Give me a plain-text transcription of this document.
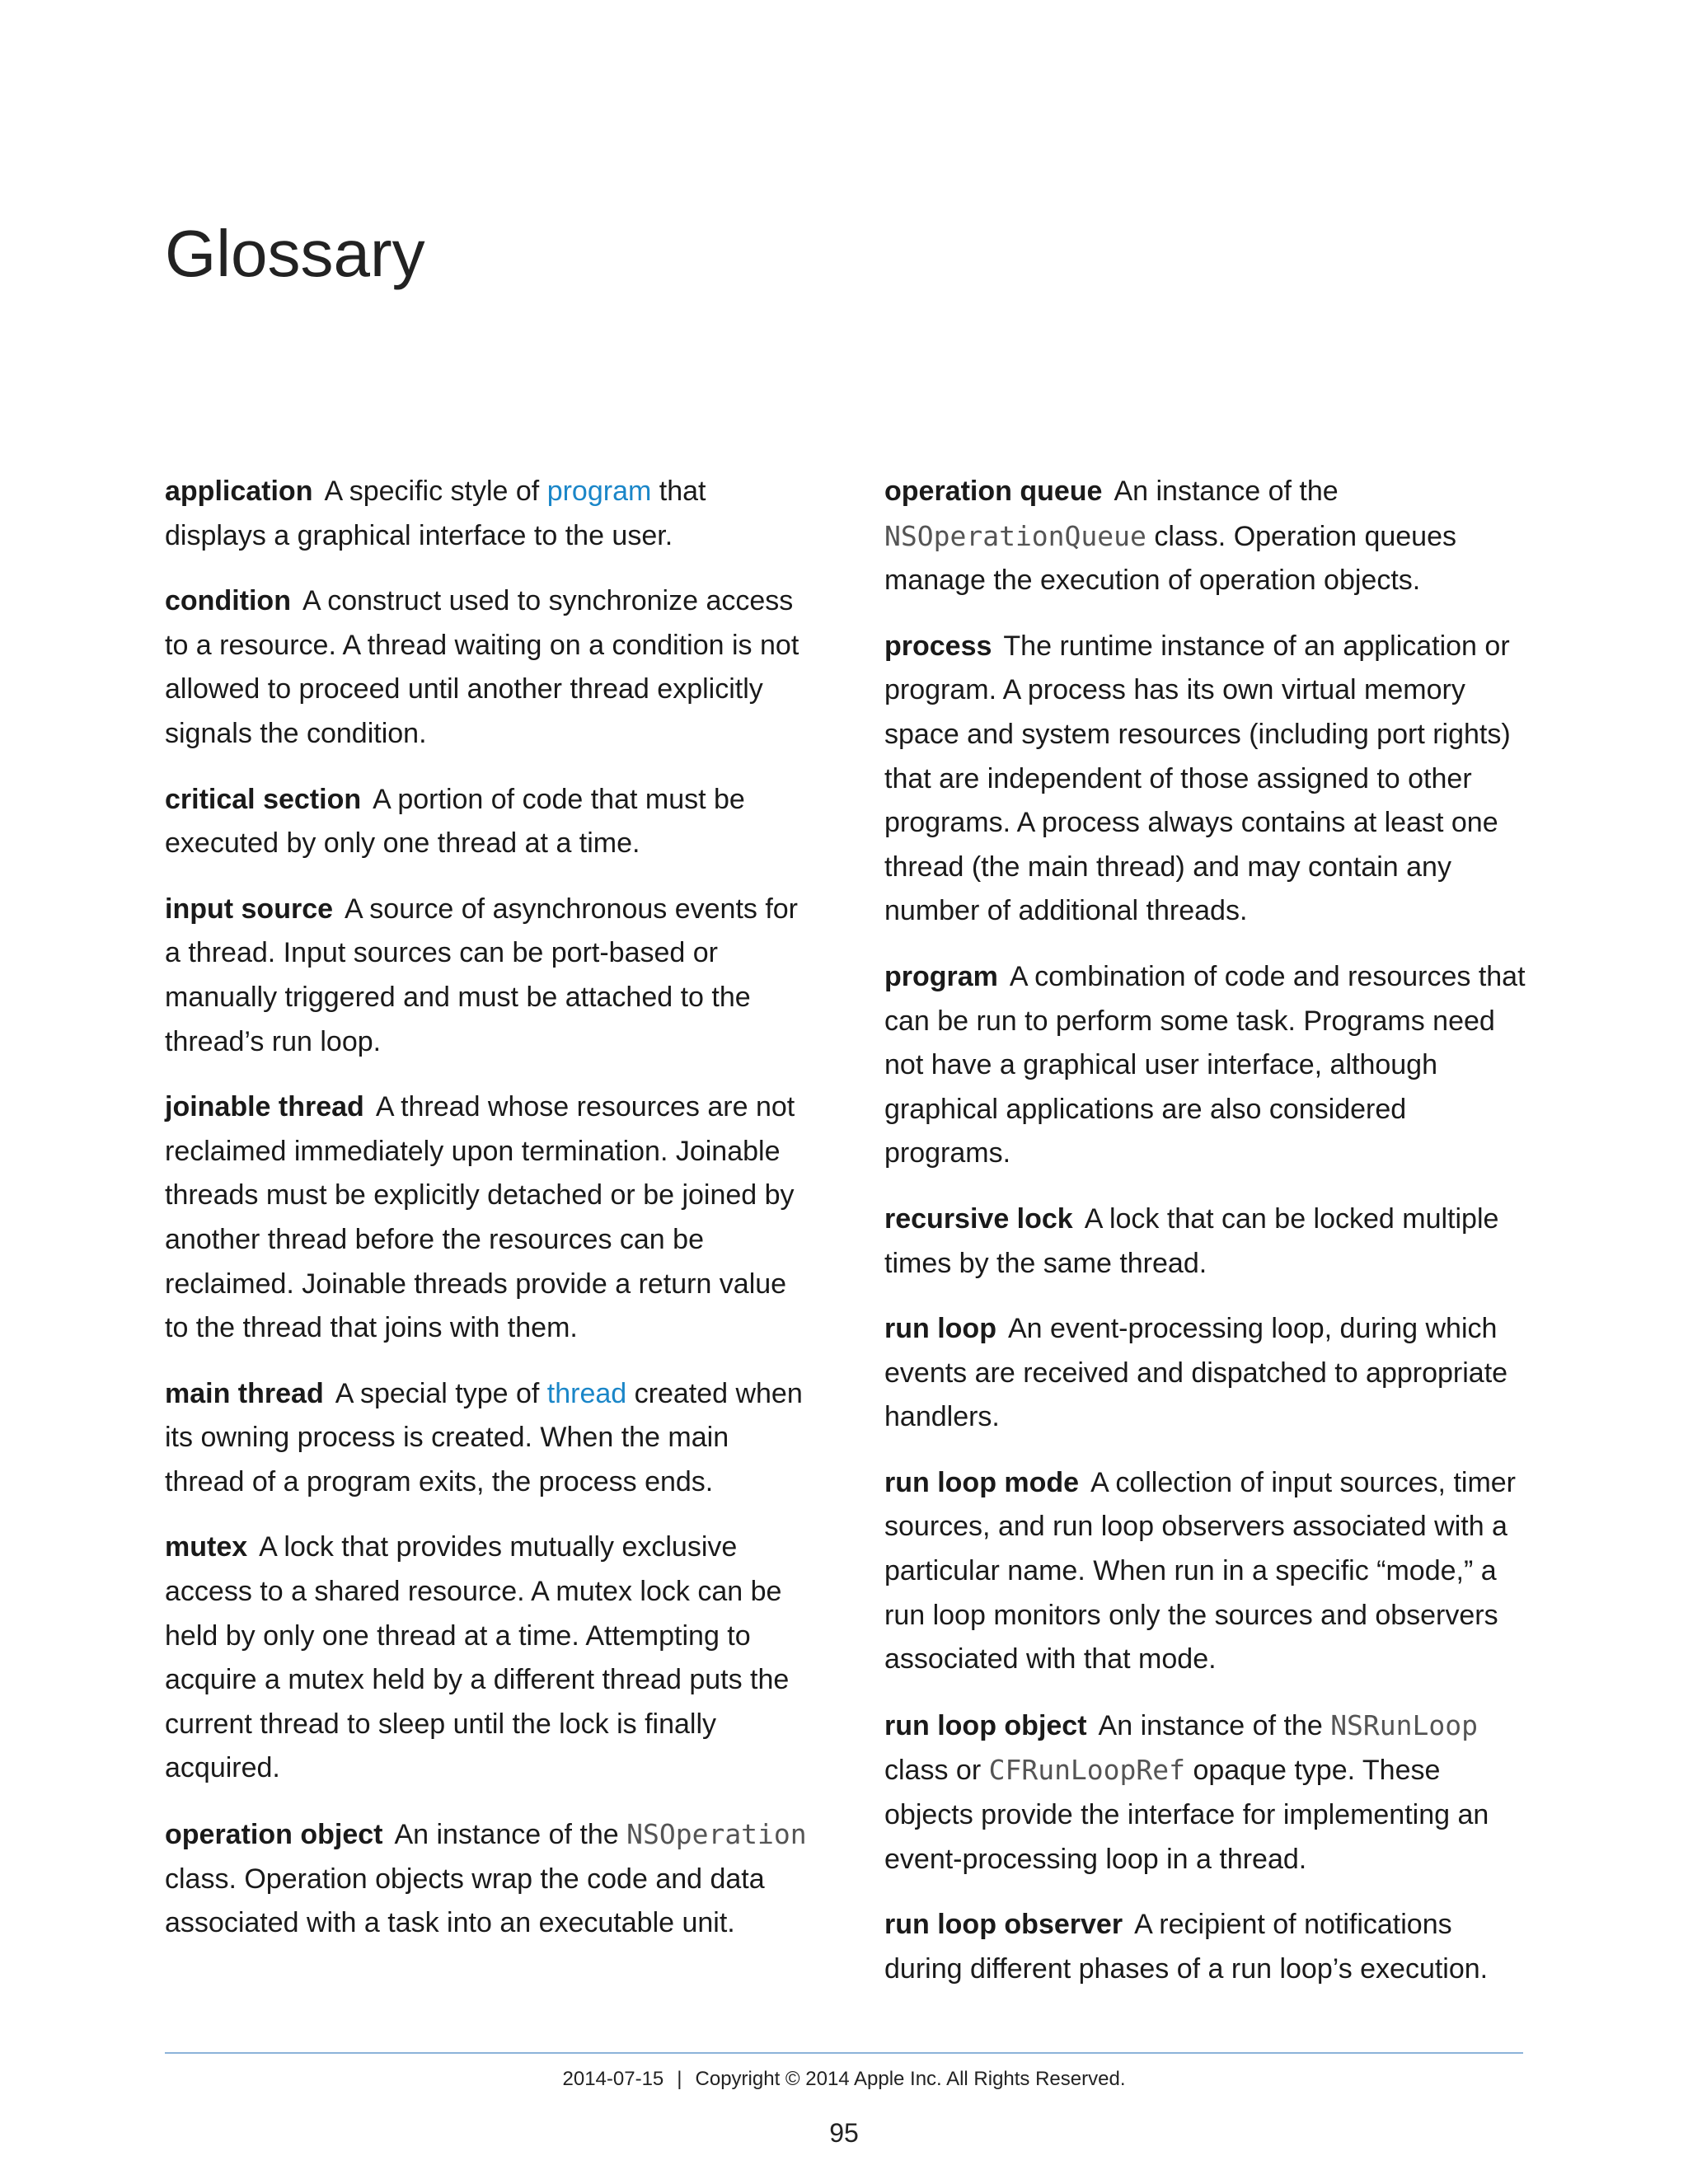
Glossary

application A specific style of program that displays a graphical interface to the user.

condition A construct used to synchronize access to a resource. A thread waiting on a condition is not allowed to proceed until another thread explicitly signals the condition.

critical section A portion of code that must be executed by only one thread at a time.

input source A source of asynchronous events for a thread. Input sources can be port-based or manually triggered and must be attached to the thread’s run loop.

joinable thread A thread whose resources are not reclaimed immediately upon termination. Joinable threads must be explicitly detached or be joined by another thread before the resources can be reclaimed. Joinable threads provide a return value to the thread that joins with them.

main thread A special type of thread created when its owning process is created. When the main thread of a program exits, the process ends.

mutex A lock that provides mutually exclusive access to a shared resource. A mutex lock can be held by only one thread at a time. Attempting to acquire a mutex held by a different thread puts the current thread to sleep until the lock is finally acquired.

operation object An instance of the NSOperation class. Operation objects wrap the code and data associated with a task into an executable unit.

operation queue An instance of the NSOperationQueue class. Operation queues manage the execution of operation objects.

process The runtime instance of an application or program. A process has its own virtual memory space and system resources (including port rights) that are independent of those assigned to other programs. A process always contains at least one thread (the main thread) and may contain any number of additional threads.

program A combination of code and resources that can be run to perform some task. Programs need not have a graphical user interface, although graphical applications are also considered programs.

recursive lock A lock that can be locked multiple times by the same thread.

run loop An event-processing loop, during which events are received and dispatched to appropriate handlers.

run loop mode A collection of input sources, timer sources, and run loop observers associated with a particular name. When run in a specific “mode,” a run loop monitors only the sources and observers associated with that mode.

run loop object An instance of the NSRunLoop class or CFRunLoopRef opaque type. These objects provide the interface for implementing an event-processing loop in a thread.

run loop observer A recipient of notifications during different phases of a run loop’s execution.

2014-07-15 | Copyright © 2014 Apple Inc. All Rights Reserved.
95
